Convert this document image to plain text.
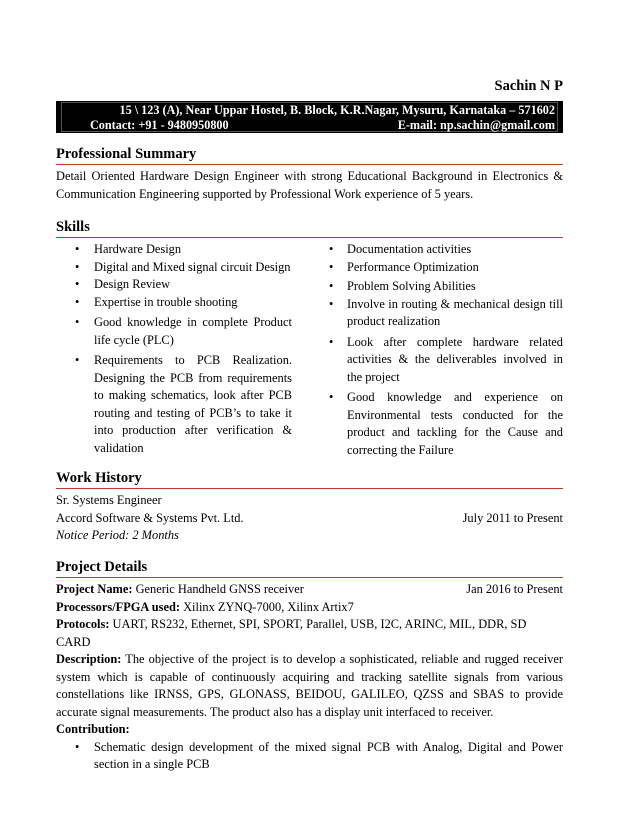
Sachin N P
15 \ 123 (A), Near Uppar Hostel, B. Block, K.R.Nagar, Mysuru, Karnataka – 571602
Contact: +91 - 9480950800	E-mail: np.sachin@gmail.com
Professional Summary
Detail Oriented Hardware Design Engineer with strong Educational Background in Electronics & Communication Engineering supported by Professional Work experience of 5 years.
Skills
• Hardware Design
• Digital and Mixed signal circuit Design
• Design Review
• Expertise in trouble shooting
• Good knowledge in complete Product life cycle (PLC)
• Requirements to PCB Realization. Designing the PCB from requirements to making schematics, look after PCB routing and testing of PCB’s to take it into production after verification & validation
• Documentation activities
• Performance Optimization
• Problem Solving Abilities
• Involve in routing & mechanical design till product realization
• Look after complete hardware related activities & the deliverables involved in the project
• Good knowledge and experience on Environmental tests conducted for the product and tackling for the Cause and correcting the Failure
Work History
Sr. Systems Engineer
Accord Software & Systems Pvt. Ltd.	July 2011 to Present
Notice Period: 2 Months
Project Details
Project Name: Generic Handheld GNSS receiver	Jan 2016 to Present
Processors/FPGA used: Xilinx ZYNQ-7000, Xilinx Artix7
Protocols: UART, RS232, Ethernet, SPI, SPORT, Parallel, USB, I2C, ARINC, MIL, DDR, SD CARD
Description: The objective of the project is to develop a sophisticated, reliable and rugged receiver system which is capable of continuously acquiring and tracking satellite signals from various constellations like IRNSS, GPS, GLONASS, BEIDOU, GALILEO, QZSS and SBAS to provide accurate signal measurements. The product also has a display unit interfaced to receiver.
Contribution:
• Schematic design development of the mixed signal PCB with Analog, Digital and Power section in a single PCB
